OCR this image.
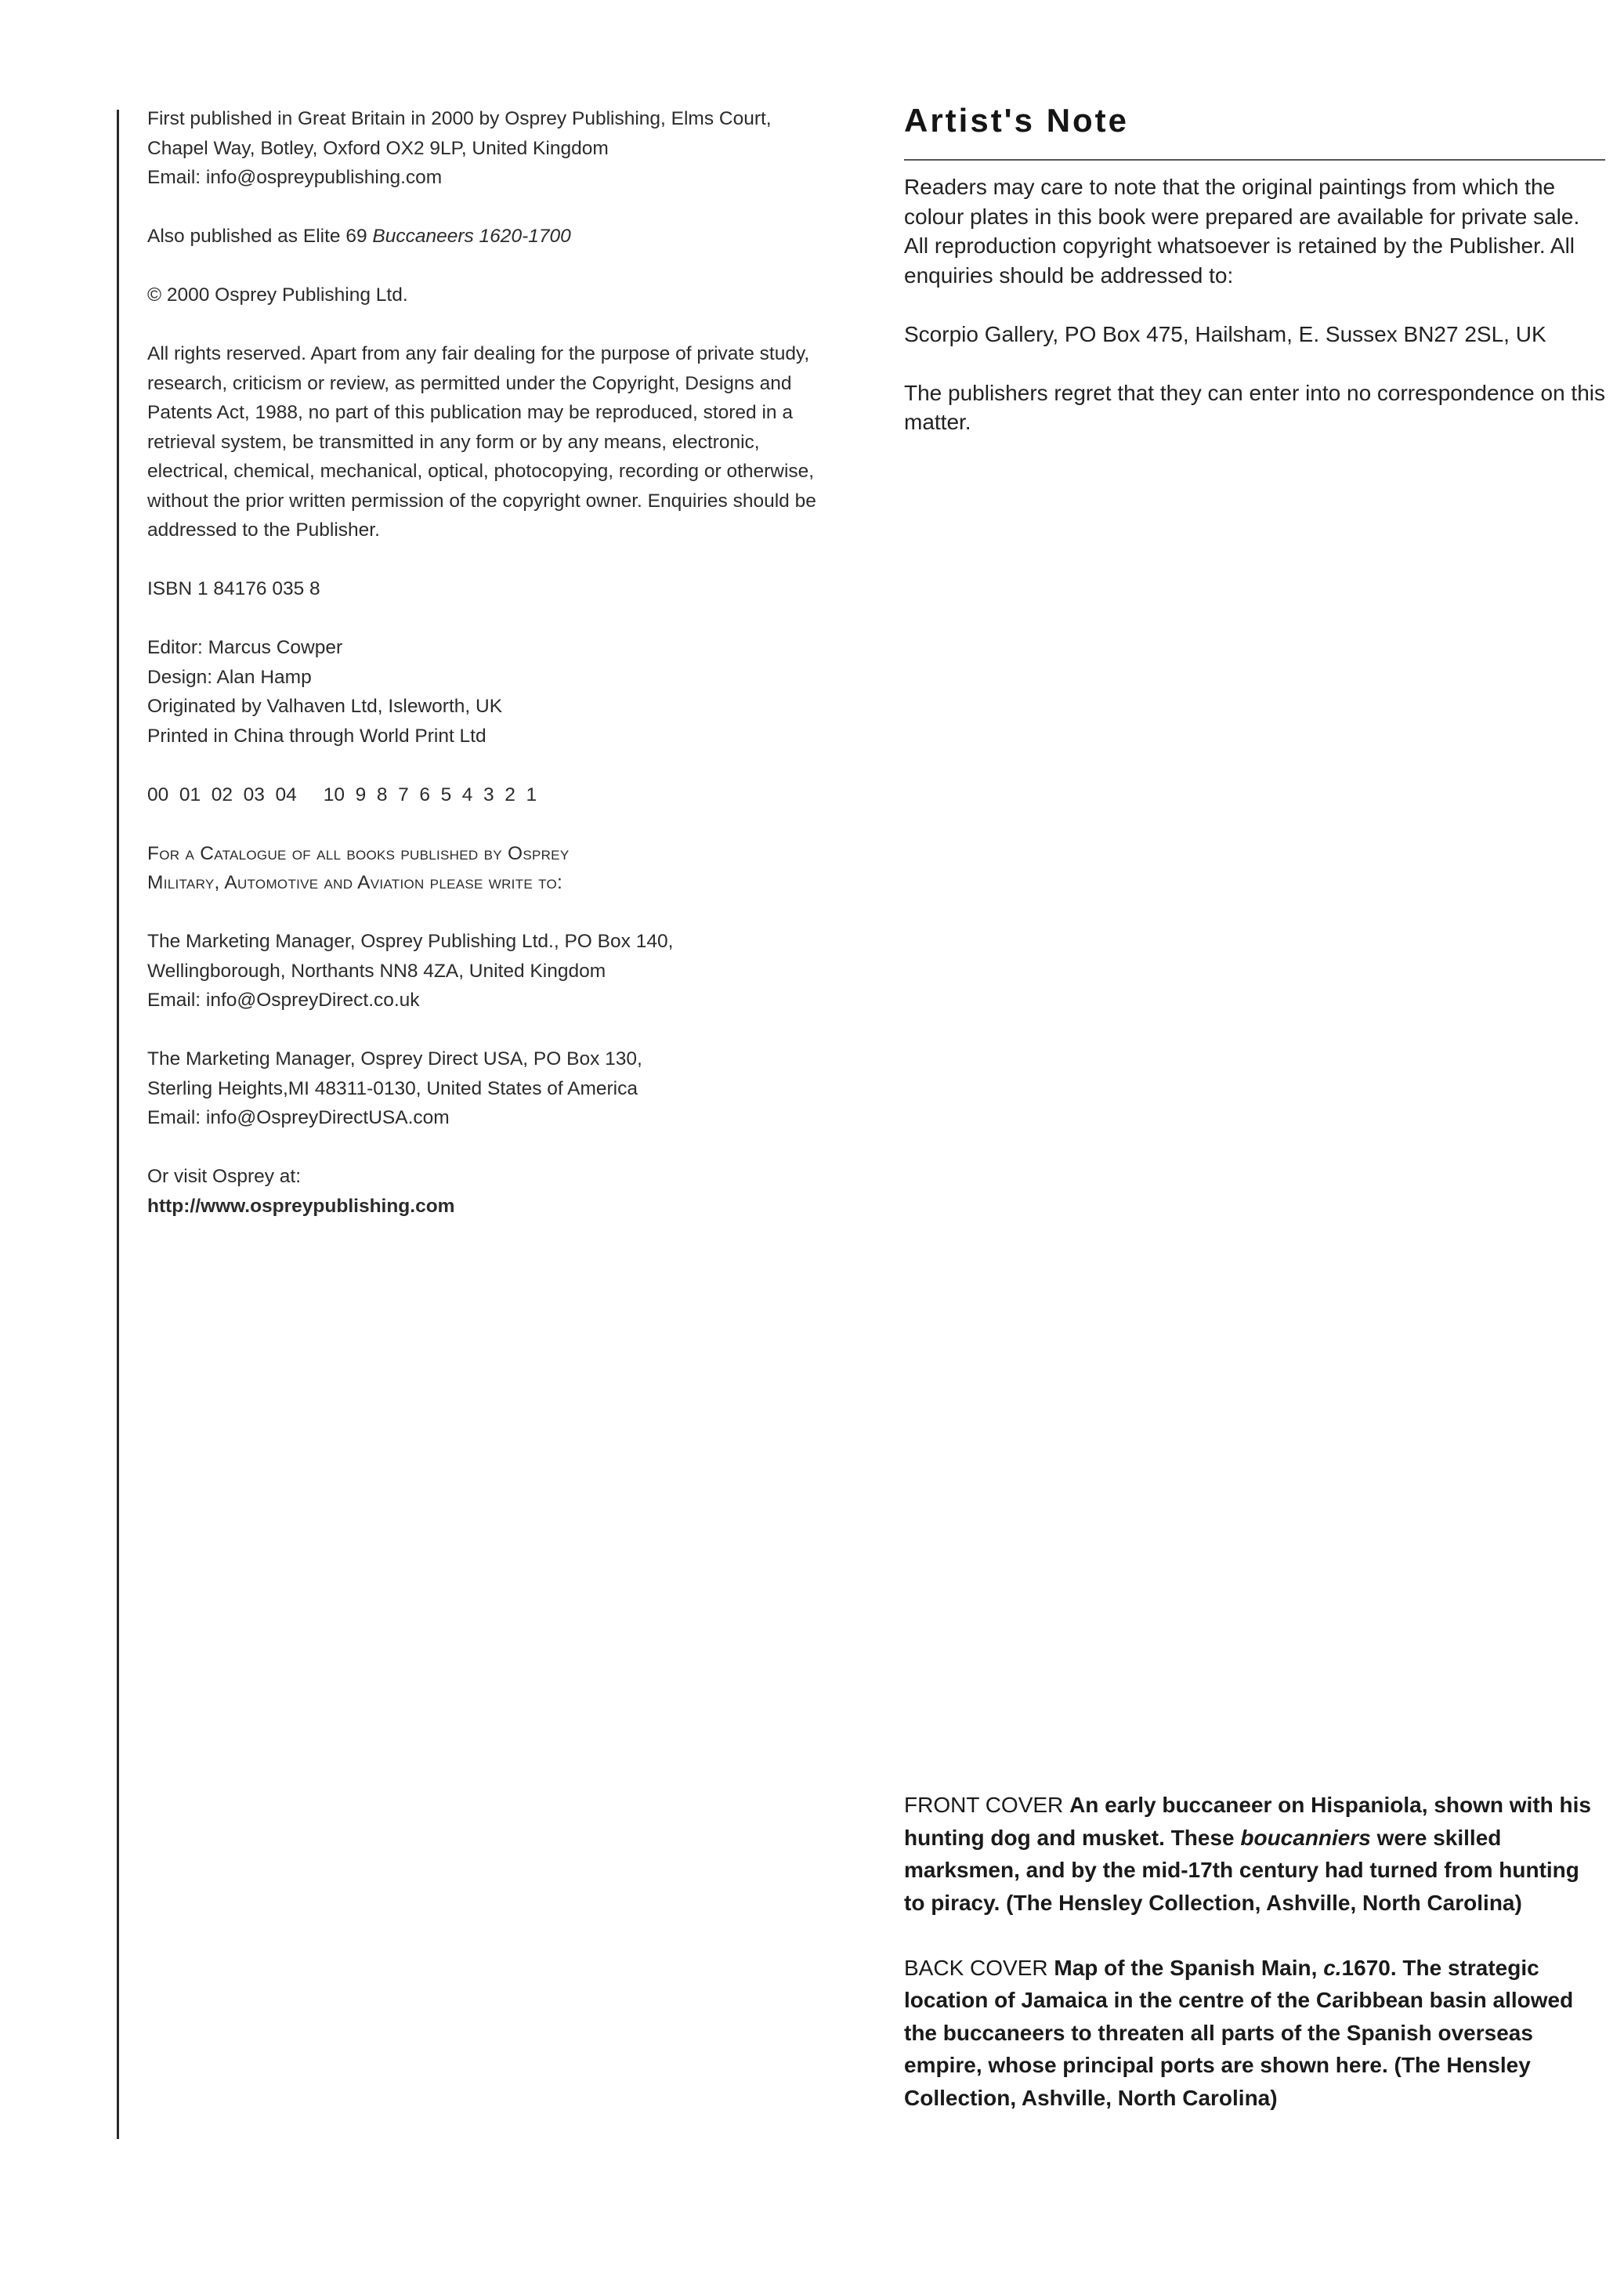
First published in Great Britain in 2000 by Osprey Publishing, Elms Court,
Chapel Way, Botley, Oxford OX2 9LP, United Kingdom
Email: info@ospreypublishing.com

Also published as Elite 69 Buccaneers 1620-1700

© 2000 Osprey Publishing Ltd.

All rights reserved. Apart from any fair dealing for the purpose of private study,
research, criticism or review, as permitted under the Copyright, Designs and
Patents Act, 1988, no part of this publication may be reproduced, stored in a
retrieval system, be transmitted in any form or by any means, electronic,
electrical, chemical, mechanical, optical, photocopying, recording or otherwise,
without the prior written permission of the copyright owner. Enquiries should be
addressed to the Publisher.

ISBN 1 84176 035 8

Editor: Marcus Cowper
Design: Alan Hamp
Originated by Valhaven Ltd, Isleworth, UK
Printed in China through World Print Ltd

00  01  02  03  04     10  9  8  7  6  5  4  3  2  1

For a Catalogue of all books published by Osprey
Military, Automotive and Aviation please write to:

The Marketing Manager, Osprey Publishing Ltd., PO Box 140,
Wellingborough, Northants NN8 4ZA, United Kingdom
Email: info@OspreyDirect.co.uk

The Marketing Manager, Osprey Direct USA, PO Box 130,
Sterling Heights,MI 48311-0130, United States of America
Email: info@OspreyDirectUSA.com

Or visit Osprey at:
http://www.ospreypublishing.com

Artist's Note

Readers may care to note that the original paintings from which the colour plates in this book were prepared are available for private sale. All reproduction copyright whatsoever is retained by the Publisher. All enquiries should be addressed to:

Scorpio Gallery, PO Box 475, Hailsham, E. Sussex BN27 2SL, UK

The publishers regret that they can enter into no correspondence on this matter.

FRONT COVER An early buccaneer on Hispaniola, shown with his hunting dog and musket. These boucanniers were skilled marksmen, and by the mid-17th century had turned from hunting to piracy. (The Hensley Collection, Ashville, North Carolina)

BACK COVER Map of the Spanish Main, c.1670. The strategic location of Jamaica in the centre of the Caribbean basin allowed the buccaneers to threaten all parts of the Spanish overseas empire, whose principal ports are shown here. (The Hensley Collection, Ashville, North Carolina)
